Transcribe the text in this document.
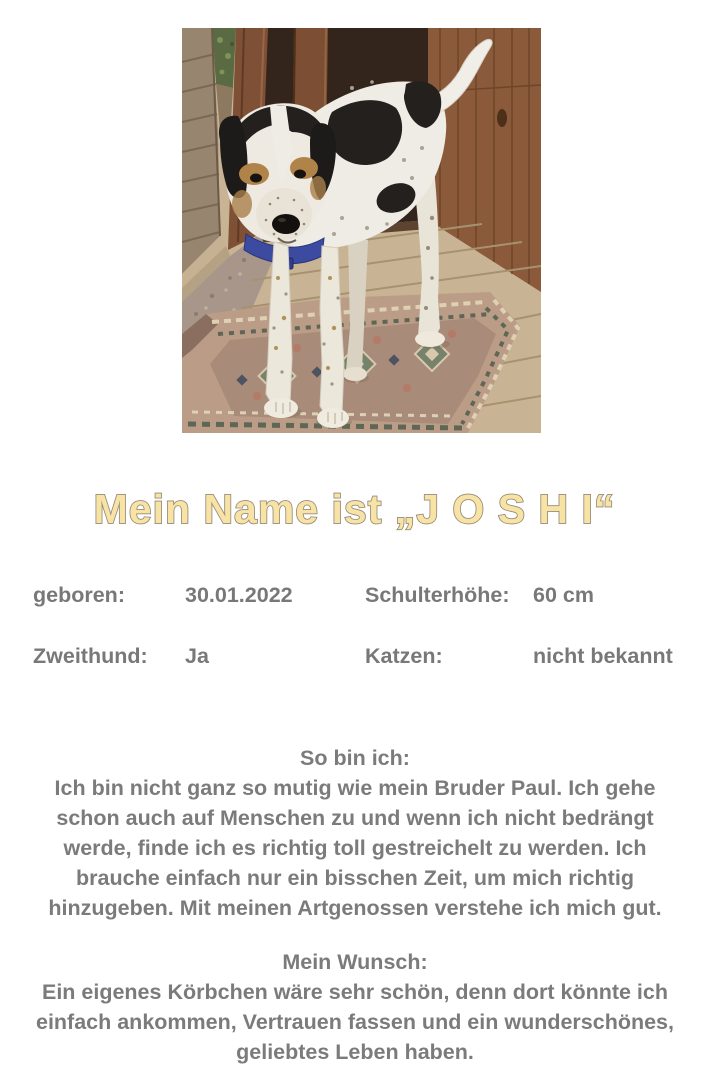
Mein Name ist „J O S H I“
geboren:	30.01.2022	Schulterhöhe:	60 cm
Zweithund:	Ja	Katzen:	nicht bekannt
So bin ich:

Ich bin nicht ganz so mutig wie mein Bruder Paul. Ich gehe schon auch auf Menschen zu und wenn ich nicht bedrängt werde, finde ich es richtig toll gestreichelt zu werden. Ich brauche einfach nur ein bisschen Zeit, um mich richtig hinzugeben. Mit meinen Artgenossen verstehe ich mich gut.

Mein Wunsch:

Ein eigenes Körbchen wäre sehr schön, denn dort könnte ich einfach ankommen, Vertrauen fassen und ein wunderschönes, geliebtes Leben haben.
